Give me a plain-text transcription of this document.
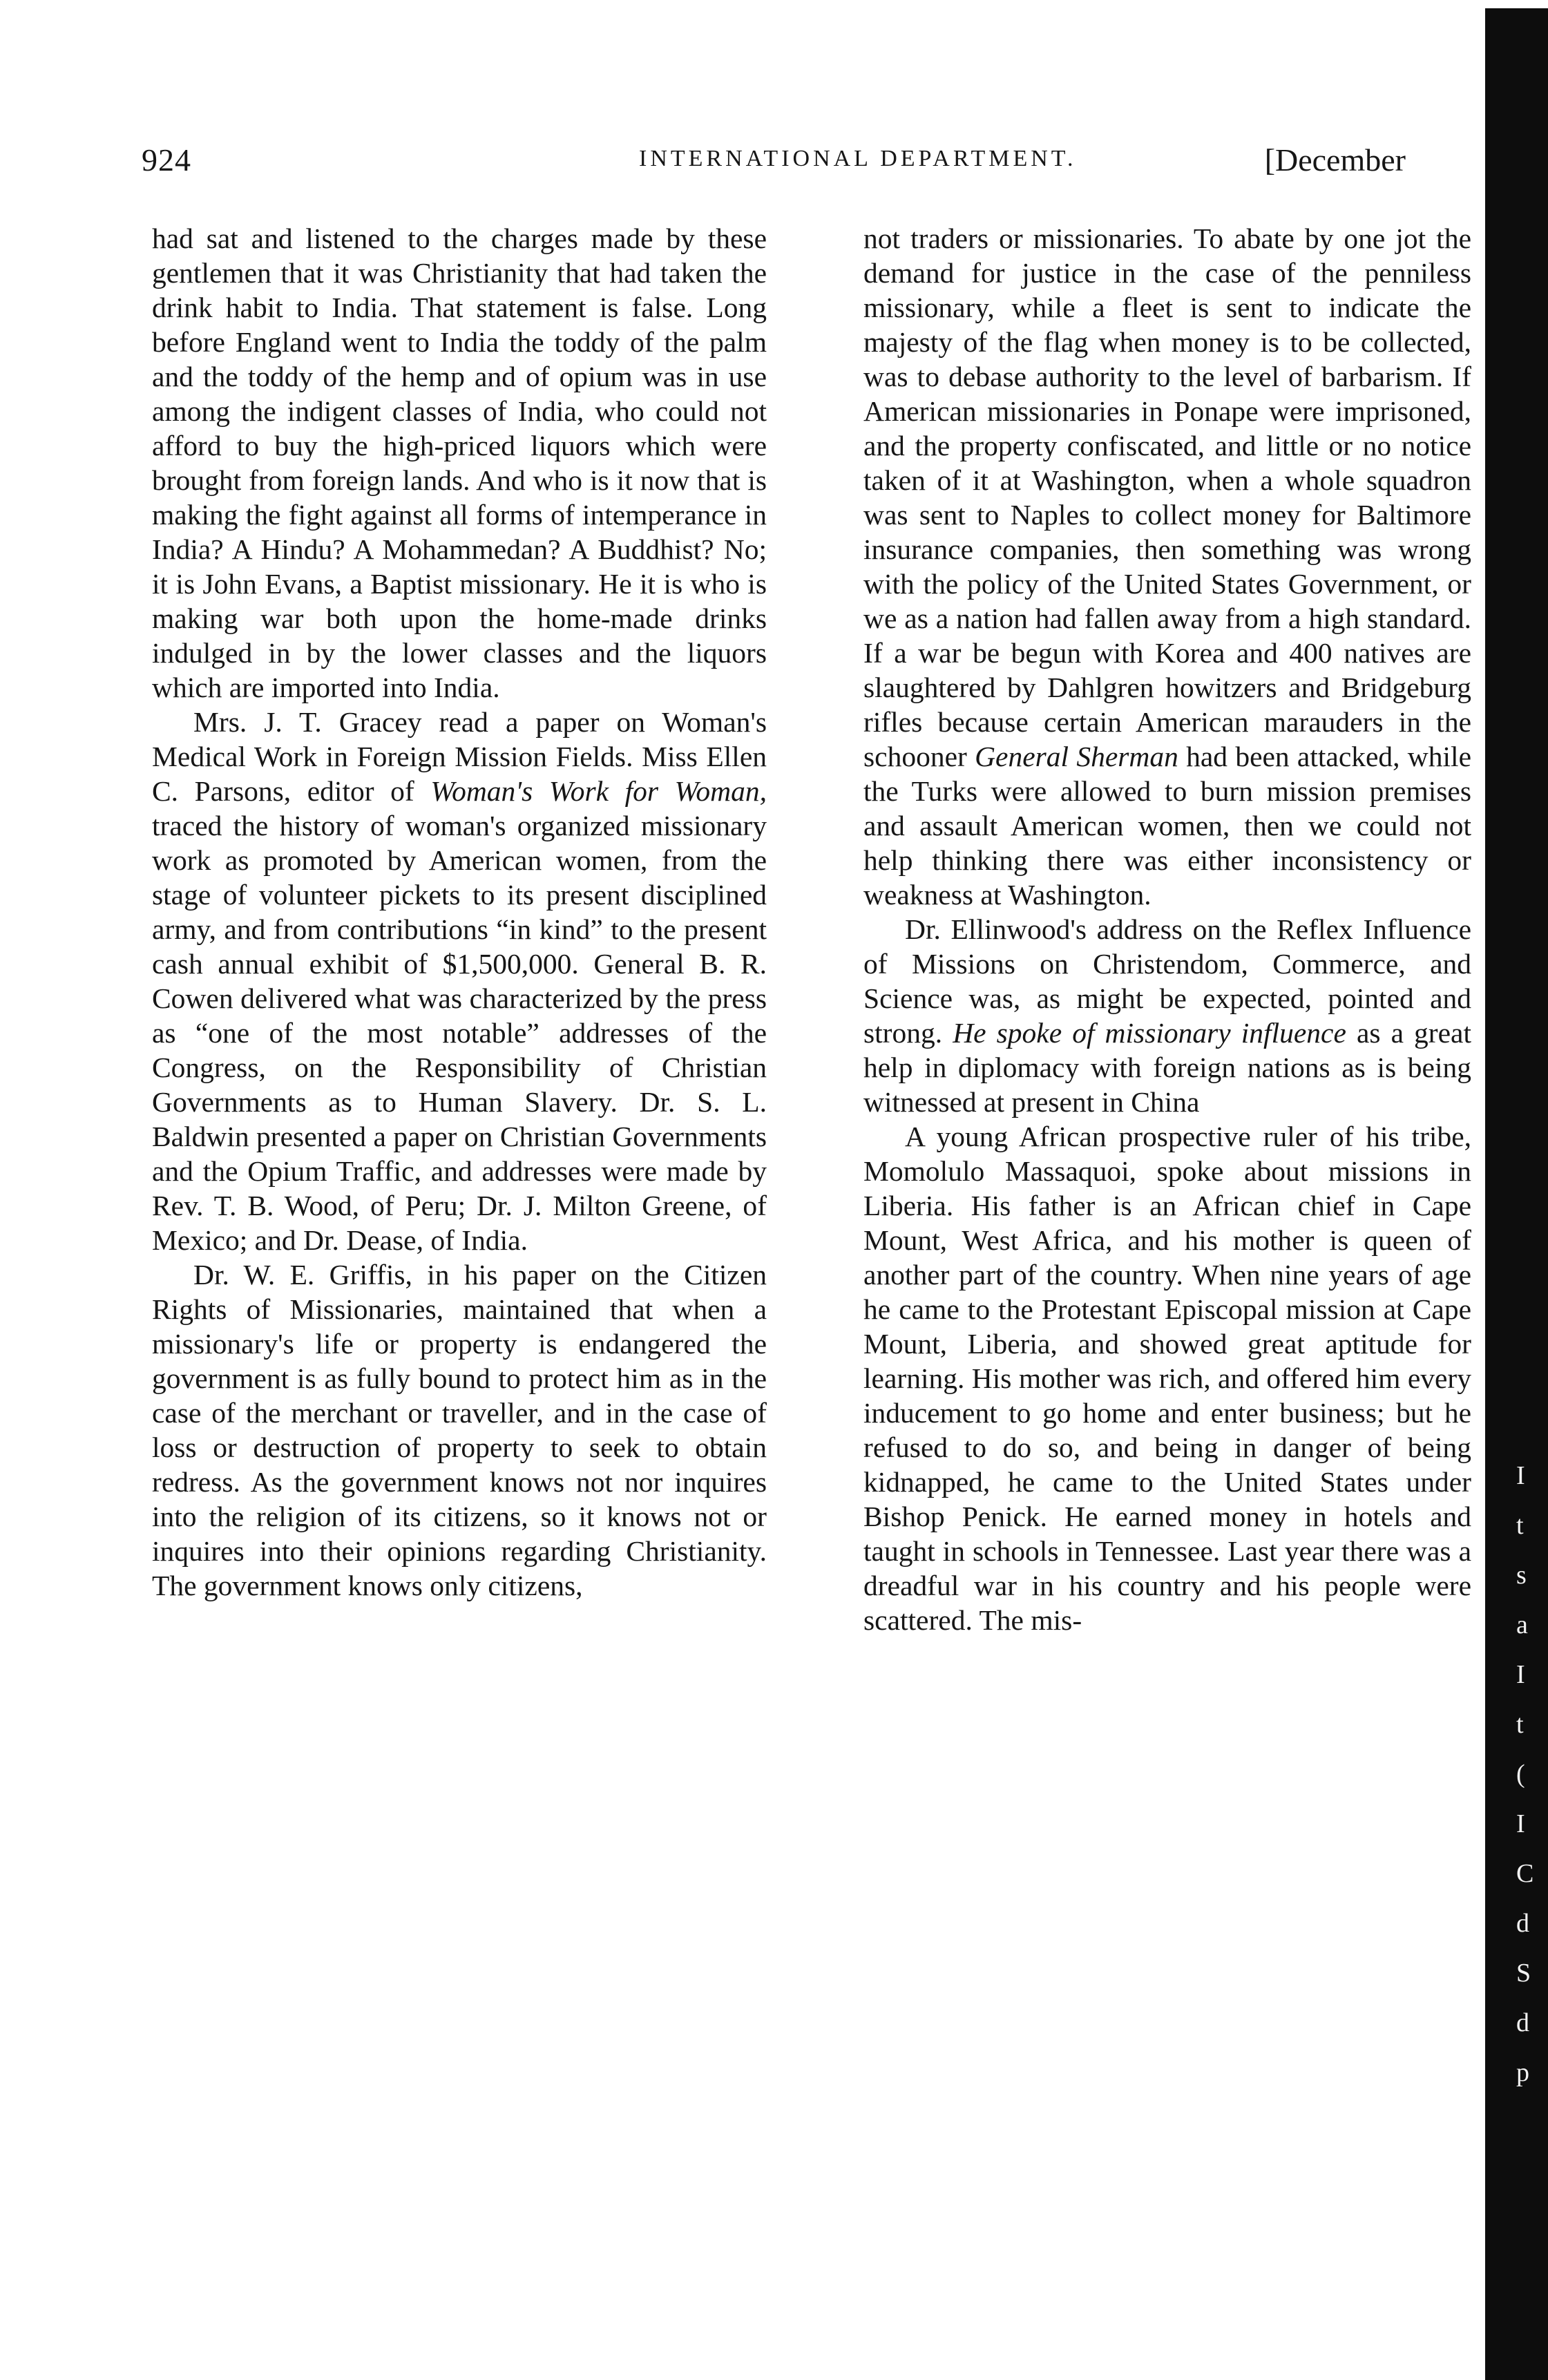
924	INTERNATIONAL DEPARTMENT.	[December

had sat and listened to the charges made by these gentlemen that it was Christianity that had taken the drink habit to India. That statement is false. Long before England went to India the toddy of the palm and the toddy of the hemp and of opium was in use among the indigent classes of India, who could not afford to buy the high-priced liquors which were brought from foreign lands. And who is it now that is making the fight against all forms of intemperance in India? A Hindu? A Mohammedan? A Buddhist? No; it is John Evans, a Baptist missionary. He it is who is making war both upon the home-made drinks indulged in by the lower classes and the liquors which are imported into India.

Mrs. J. T. Gracey read a paper on Woman's Medical Work in Foreign Mission Fields. Miss Ellen C. Parsons, editor of Woman's Work for Woman, traced the history of woman's organized missionary work as promoted by American women, from the stage of volunteer pickets to its present disciplined army, and from contributions “in kind” to the present cash annual exhibit of $1,500,000. General B. R. Cowen delivered what was characterized by the press as “one of the most notable” addresses of the Congress, on the Responsibility of Christian Governments as to Human Slavery. Dr. S. L. Baldwin presented a paper on Christian Governments and the Opium Traffic, and addresses were made by Rev. T. B. Wood, of Peru; Dr. J. Milton Greene, of Mexico; and Dr. Dease, of India.

Dr. W. E. Griffis, in his paper on the Citizen Rights of Missionaries, maintained that when a missionary's life or property is endangered the government is as fully bound to protect him as in the case of the merchant or traveller, and in the case of loss or destruction of property to seek to obtain redress. As the government knows not nor inquires into the religion of its citizens, so it knows not or inquires into their opinions regarding Christianity. The government knows only citizens,

not traders or missionaries. To abate by one jot the demand for justice in the case of the penniless missionary, while a fleet is sent to indicate the majesty of the flag when money is to be collected, was to debase authority to the level of barbarism. If American missionaries in Ponape were imprisoned, and the property confiscated, and little or no notice taken of it at Washington, when a whole squadron was sent to Naples to collect money for Baltimore insurance companies, then something was wrong with the policy of the United States Government, or we as a nation had fallen away from a high standard. If a war be begun with Korea and 400 natives are slaughtered by Dahlgren howitzers and Bridgeburg rifles because certain American marauders in the schooner General Sherman had been attacked, while the Turks were allowed to burn mission premises and assault American women, then we could not help thinking there was either inconsistency or weakness at Washington.

Dr. Ellinwood's address on the Reflex Influence of Missions on Christendom, Commerce, and Science was, as might be expected, pointed and strong. He spoke of missionary influence as a great help in diplomacy with foreign nations as is being witnessed at present in China

A young African prospective ruler of his tribe, Momolulo Massaquoi, spoke about missions in Liberia. His father is an African chief in Cape Mount, West Africa, and his mother is queen of another part of the country. When nine years of age he came to the Protestant Episcopal mission at Cape Mount, Liberia, and showed great aptitude for learning. His mother was rich, and offered him every inducement to go home and enter business; but he refused to do so, and being in danger of being kidnapped, he came to the United States under Bishop Penick. He earned money in hotels and taught in schools in Tennessee. Last year there was a dreadful war in his country and his people were scattered. The mis-

I
t
s
a
I
t
(
I
C
d
S
d
p
